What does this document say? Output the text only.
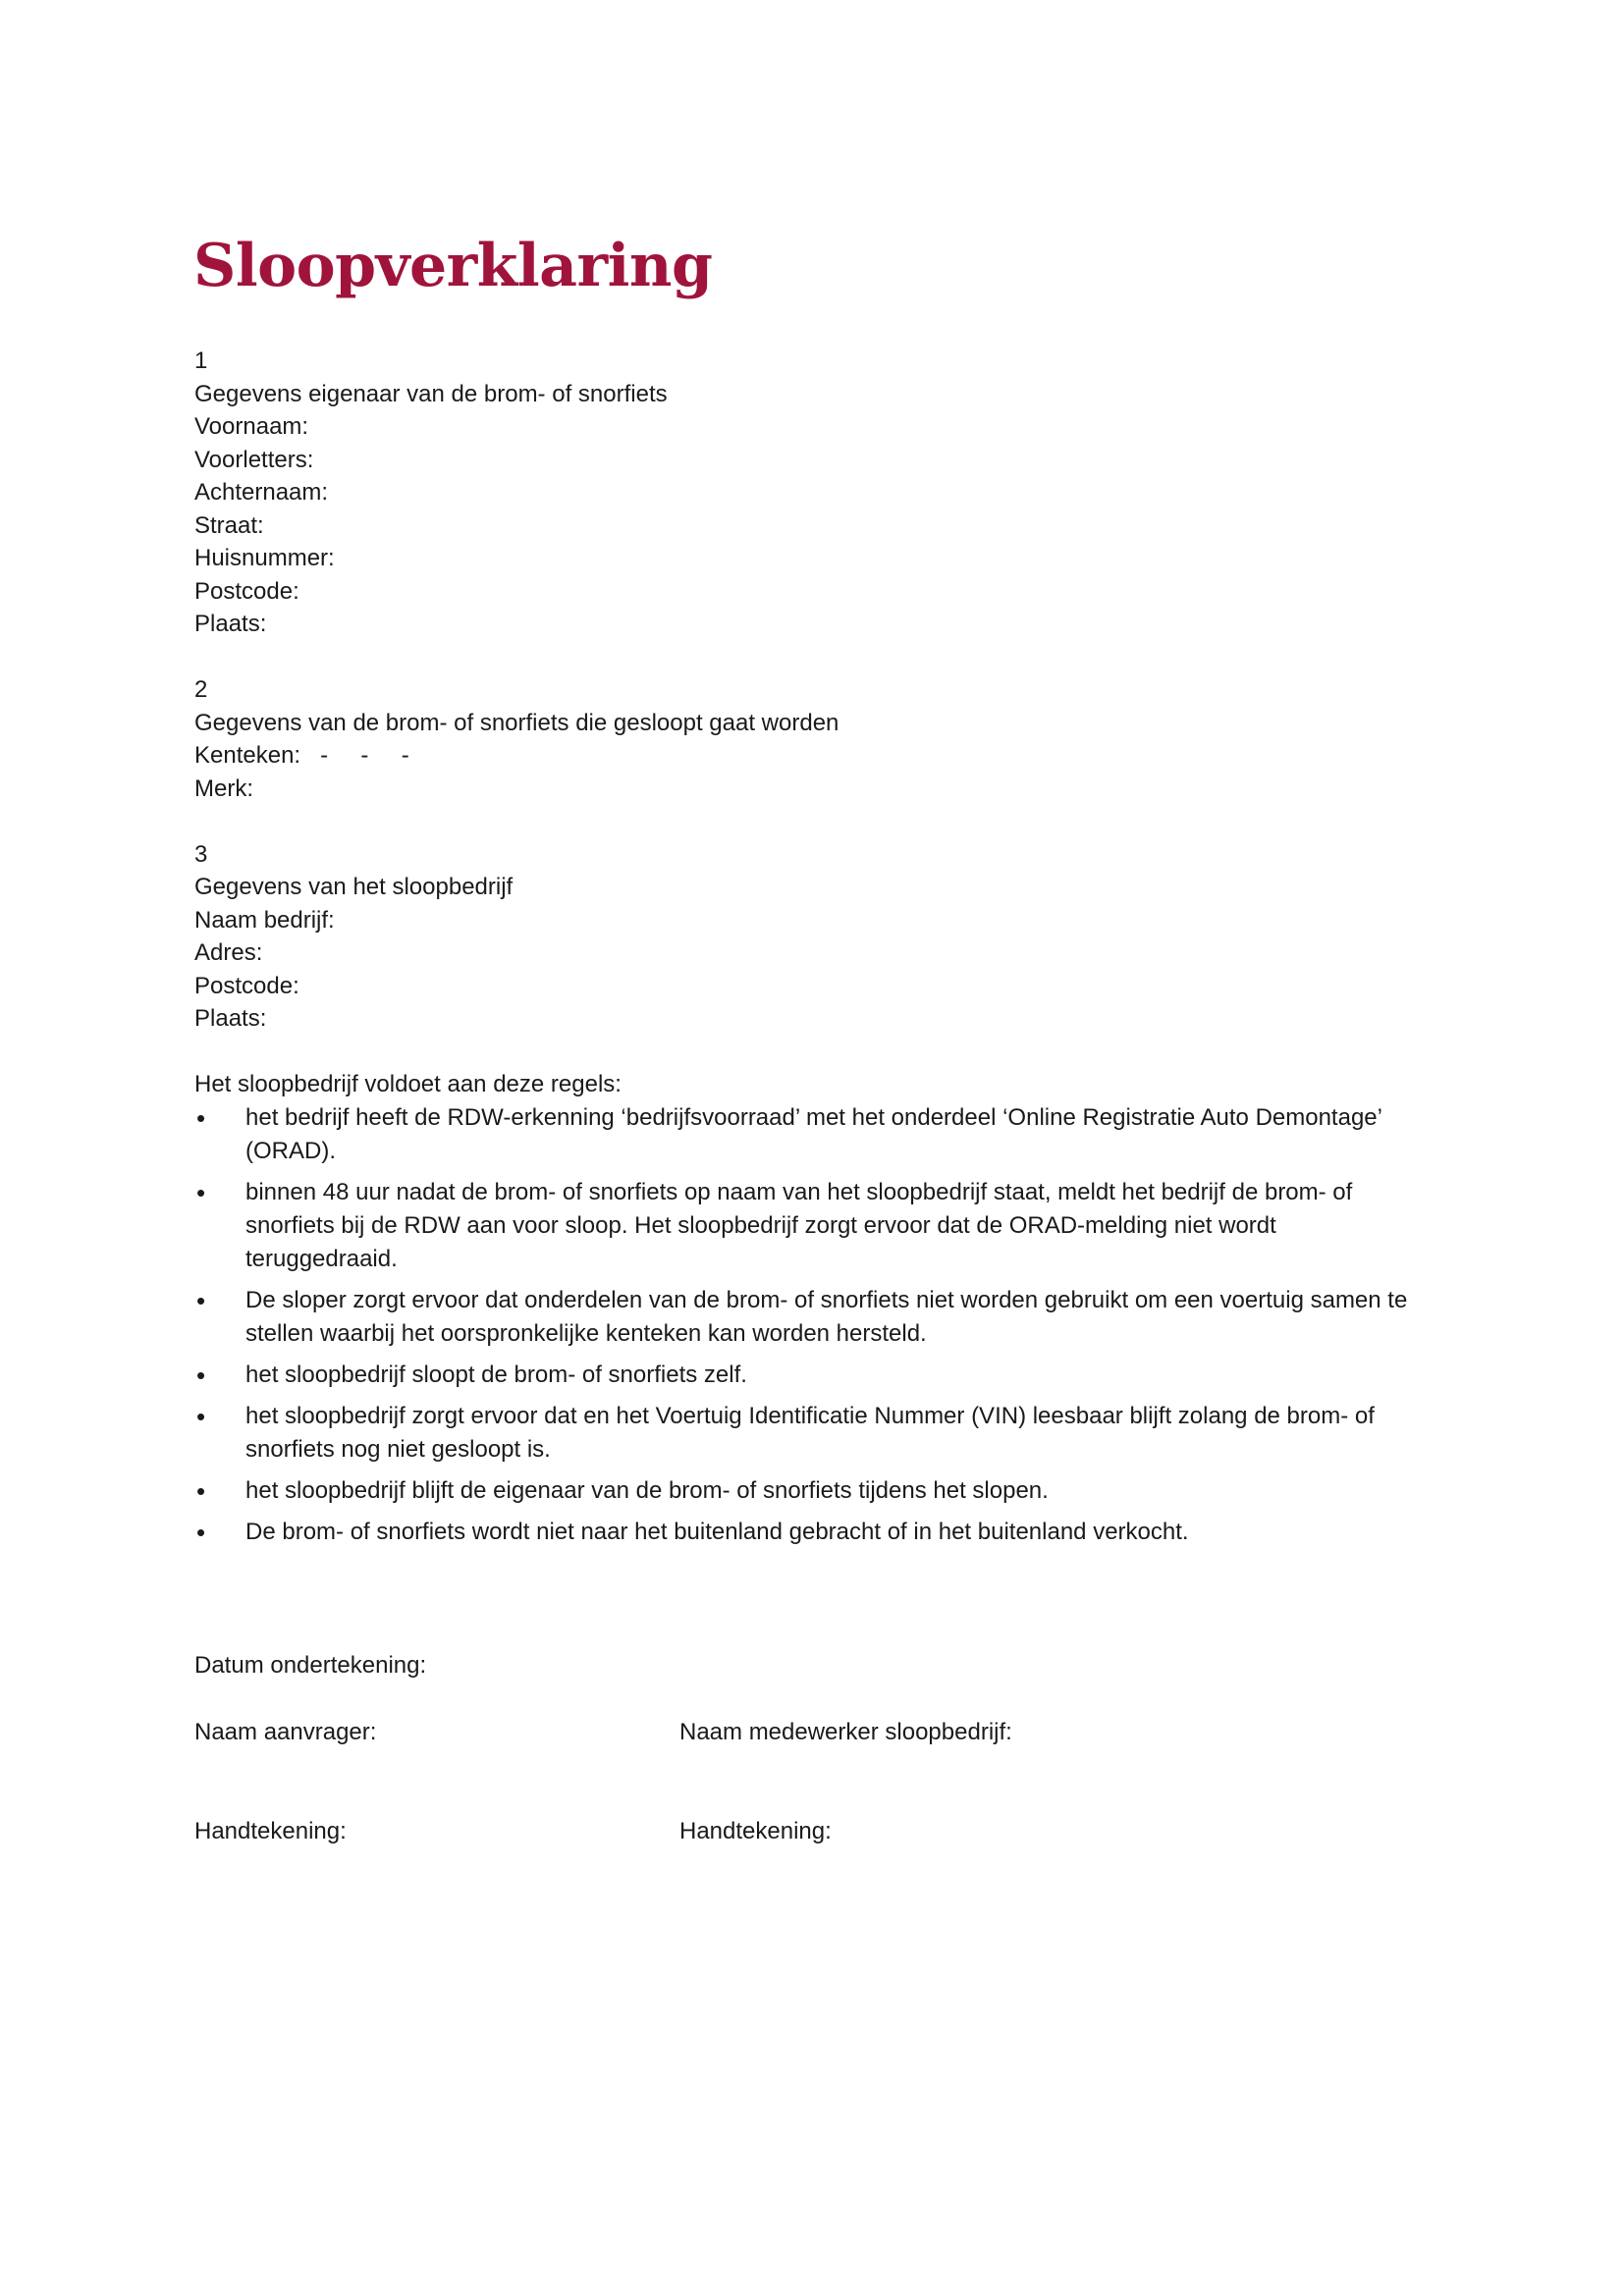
Sloopverklaring
1
Gegevens eigenaar van de brom- of snorfiets
Voornaam:
Voorletters:
Achternaam:
Straat:
Huisnummer:
Postcode:
Plaats:
2
Gegevens van de brom- of snorfiets die gesloopt gaat worden
Kenteken:   -     -     -
Merk:
3
Gegevens van het sloopbedrijf
Naam bedrijf:
Adres:
Postcode:
Plaats:
Het sloopbedrijf voldoet aan deze regels:
• het bedrijf heeft de RDW-erkenning ‘bedrijfsvoorraad’ met het onderdeel ‘Online Registratie Auto Demontage’ (ORAD).
• binnen 48 uur nadat de brom- of snorfiets op naam van het sloopbedrijf staat, meldt het bedrijf de brom- of snorfiets bij de RDW aan voor sloop. Het sloopbedrijf zorgt ervoor dat de ORAD-melding niet wordt teruggedraaid.
• De sloper zorgt ervoor dat onderdelen van de brom- of snorfiets niet worden gebruikt om een voertuig samen te stellen waarbij het oorspronkelijke kenteken kan worden hersteld.
• het sloopbedrijf sloopt de brom- of snorfiets zelf.
• het sloopbedrijf zorgt ervoor dat en het Voertuig Identificatie Nummer (VIN) leesbaar blijft zolang de brom- of snorfiets nog niet gesloopt is.
• het sloopbedrijf blijft de eigenaar van de brom- of snorfiets tijdens het slopen.
• De brom- of snorfiets wordt niet naar het buitenland gebracht of in het buitenland verkocht.
Datum ondertekening:
Naam aanvrager:	Naam medewerker sloopbedrijf:
Handtekening:	Handtekening:
